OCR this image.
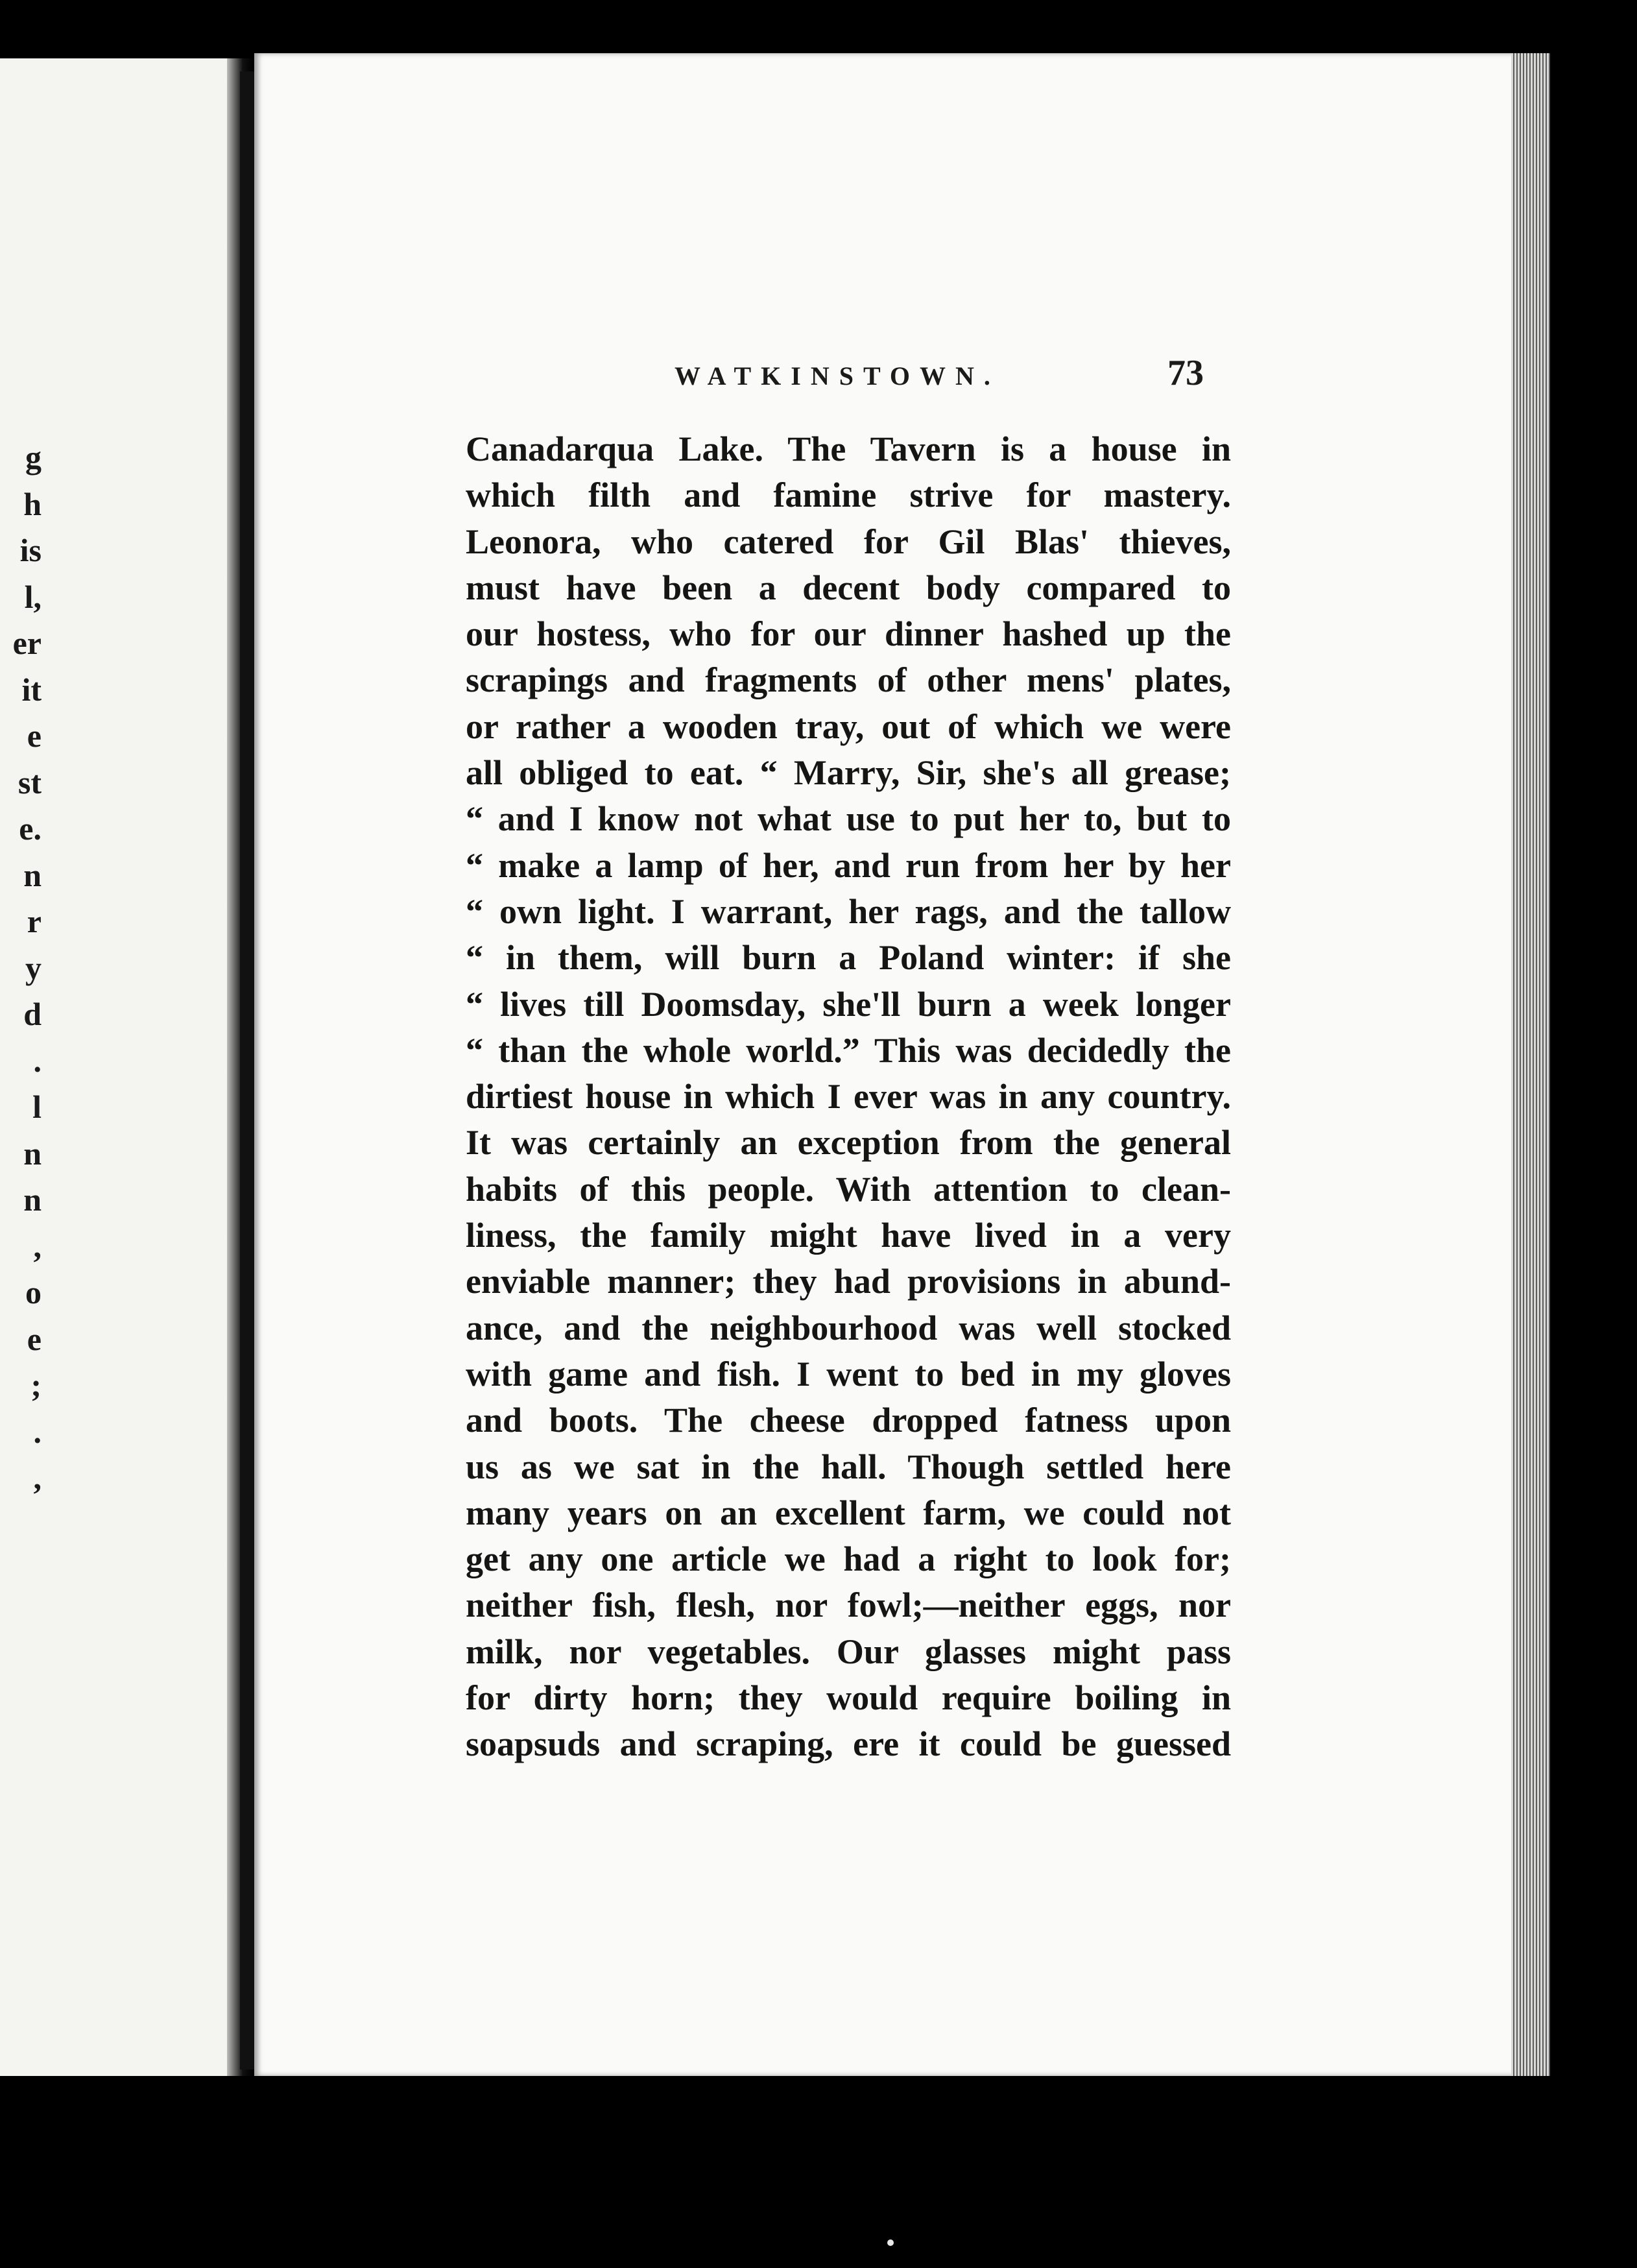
g
h
is
l,
er
it
e
st
e.
n
r
y
d
.
l
n
n
,
o
e
;
.
,
WATKINSTOWN.	73
Canadarqua Lake. The Tavern is a house in
which filth and famine strive for mastery.
Leonora, who catered for Gil Blas' thieves,
must have been a decent body compared to
our hostess, who for our dinner hashed up the
scrapings and fragments of other mens' plates,
or rather a wooden tray, out of which we were
all obliged to eat. “ Marry, Sir, she's all grease;
“ and I know not what use to put her to, but to
“ make a lamp of her, and run from her by her
“ own light. I warrant, her rags, and the tallow
“ in them, will burn a Poland winter: if she
“ lives till Doomsday, she'll burn a week longer
“ than the whole world.” This was decidedly the
dirtiest house in which I ever was in any country.
It was certainly an exception from the general
habits of this people. With attention to clean-
liness, the family might have lived in a very
enviable manner; they had provisions in abund-
ance, and the neighbourhood was well stocked
with game and fish. I went to bed in my gloves
and boots. The cheese dropped fatness upon
us as we sat in the hall. Though settled here
many years on an excellent farm, we could not
get any one article we had a right to look for;
neither fish, flesh, nor fowl;—neither eggs, nor
milk, nor vegetables. Our glasses might pass
for dirty horn; they would require boiling in
soapsuds and scraping, ere it could be guessed
